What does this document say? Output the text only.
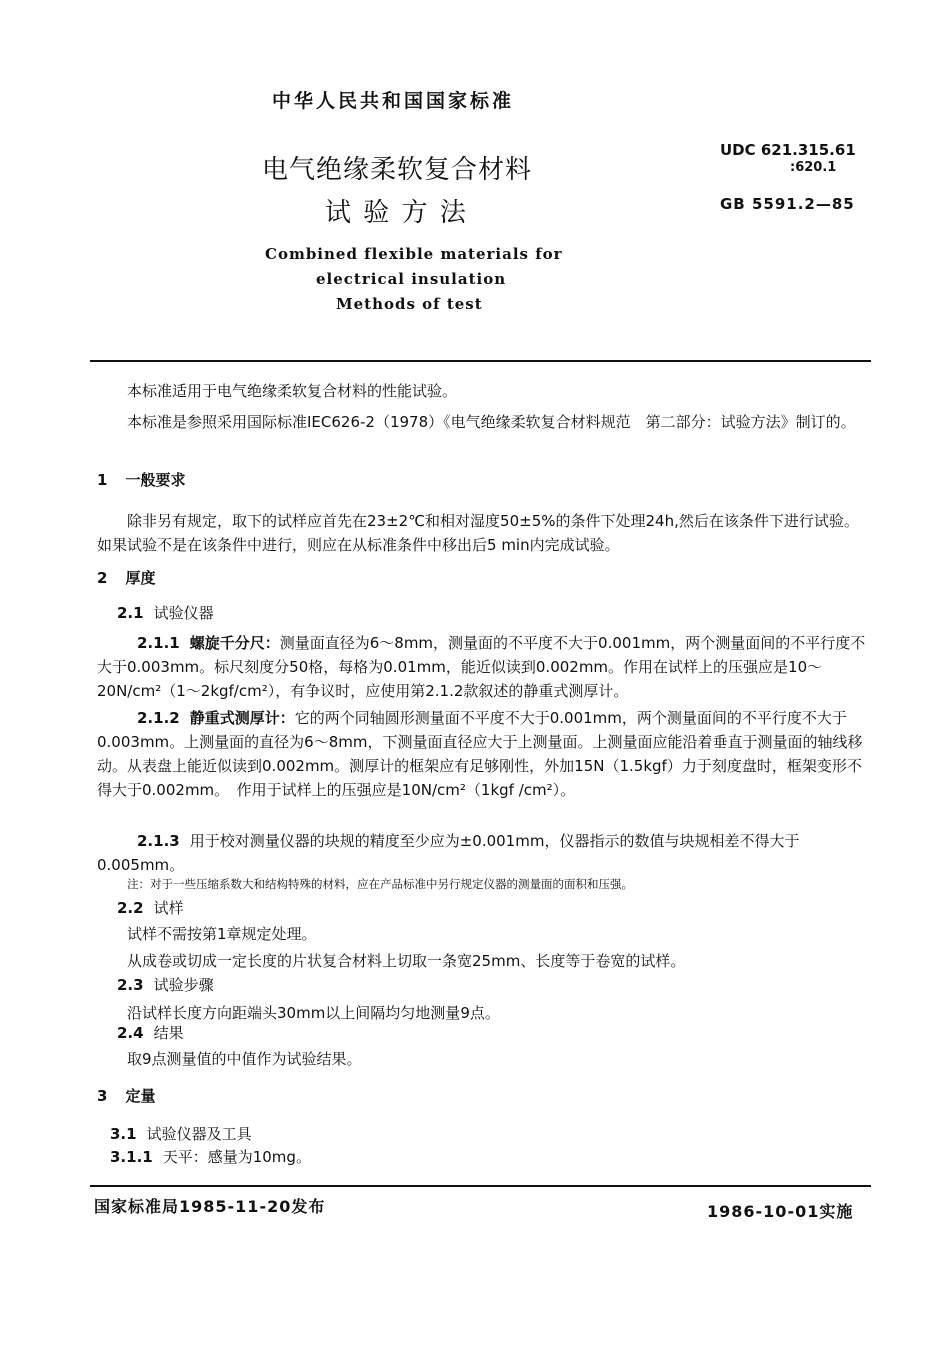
中华人民共和国国家标准
电气绝缘柔软复合材料
试 验 方 法
Combined flexible materials for
electrical insulation
Methods of test
UDC 621.315.61
:620.1
GB 5591.2—85
本标准适用于电气绝缘柔软复合材料的性能试验。
本标准是参照采用国际标准IEC626-2（1978）《电气绝缘柔软复合材料规范　第二部分：试验方法》制订的。
1 一般要求
除非另有规定，取下的试样应首先在23±2℃和相对湿度50±5%的条件下处理24h,然后在该条件下进行试验。如果试验不是在该条件中进行，则应在从标准条件中移出后5 min内完成试验。
2 厚度
2.1 试验仪器
2.1.1 螺旋千分尺：测量面直径为6～8mm，测量面的不平度不大于0.001mm，两个测量面间的不平行度不大于0.003mm。标尺刻度分50格，每格为0.01mm，能近似读到0.002mm。作用在试样上的压强应是10～20N/cm²（1～2kgf/cm²），有争议时，应使用第2.1.2款叙述的静重式测厚计。
2.1.2 静重式测厚计：它的两个同轴圆形测量面不平度不大于0.001mm，两个测量面间的不平行度不大于0.003mm。上测量面的直径为6～8mm，下测量面直径应大于上测量面。上测量面应能沿着垂直于测量面的轴线移动。从表盘上能近似读到0.002mm。测厚计的框架应有足够刚性，外加15N（1.5kgf）力于刻度盘时，框架变形不得大于0.002mm。　作用于试样上的压强应是10N/cm²（1kgf /cm²）。
2.1.3 用于校对测量仪器的块规的精度至少应为±0.001mm，仪器指示的数值与块规相差不得大于0.005mm。
注：对于一些压缩系数大和结构特殊的材料，应在产品标准中另行规定仪器的测量面的面积和压强。
2.2 试样
试样不需按第1章规定处理。
从成卷或切成一定长度的片状复合材料上切取一条宽25mm、长度等于卷宽的试样。
2.3 试验步骤
沿试样长度方向距端头30mm以上间隔均匀地测量9点。
2.4 结果
取9点测量值的中值作为试验结果。
3 定量
3.1 试验仪器及工具
3.1.1 天平：感量为10mg。
国家标准局1985-11-20发布	1986-10-01实施
